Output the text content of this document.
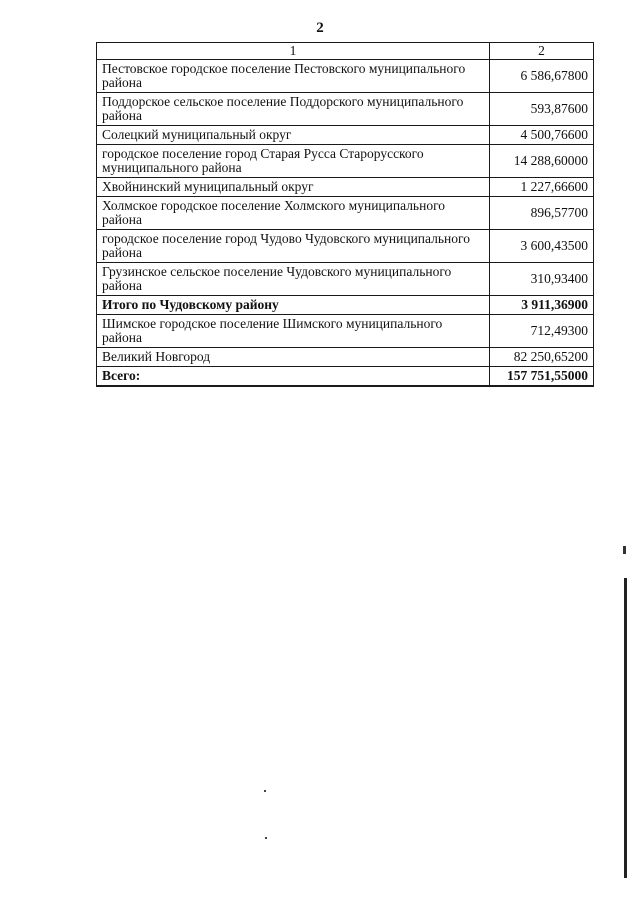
2
1	2
Пестовское городское поселение Пестовского муниципального района	6 586,67800
Поддорское сельское поселение Поддорского муниципального района	593,87600
Солецкий муниципальный округ	4 500,76600
городское поселение город Старая Русса Старорусского муниципального района	14 288,60000
Хвойнинский муниципальный округ	1 227,66600
Холмское городское поселение Холмского муниципального района	896,57700
городское поселение город Чудово Чудовского муниципального района	3 600,43500
Грузинское сельское поселение Чудовского муниципального района	310,93400
Итого по Чудовскому району	3 911,36900
Шимское городское поселение Шимского муниципального района	712,49300
Великий Новгород	82 250,65200
Всего:	157 751,55000
